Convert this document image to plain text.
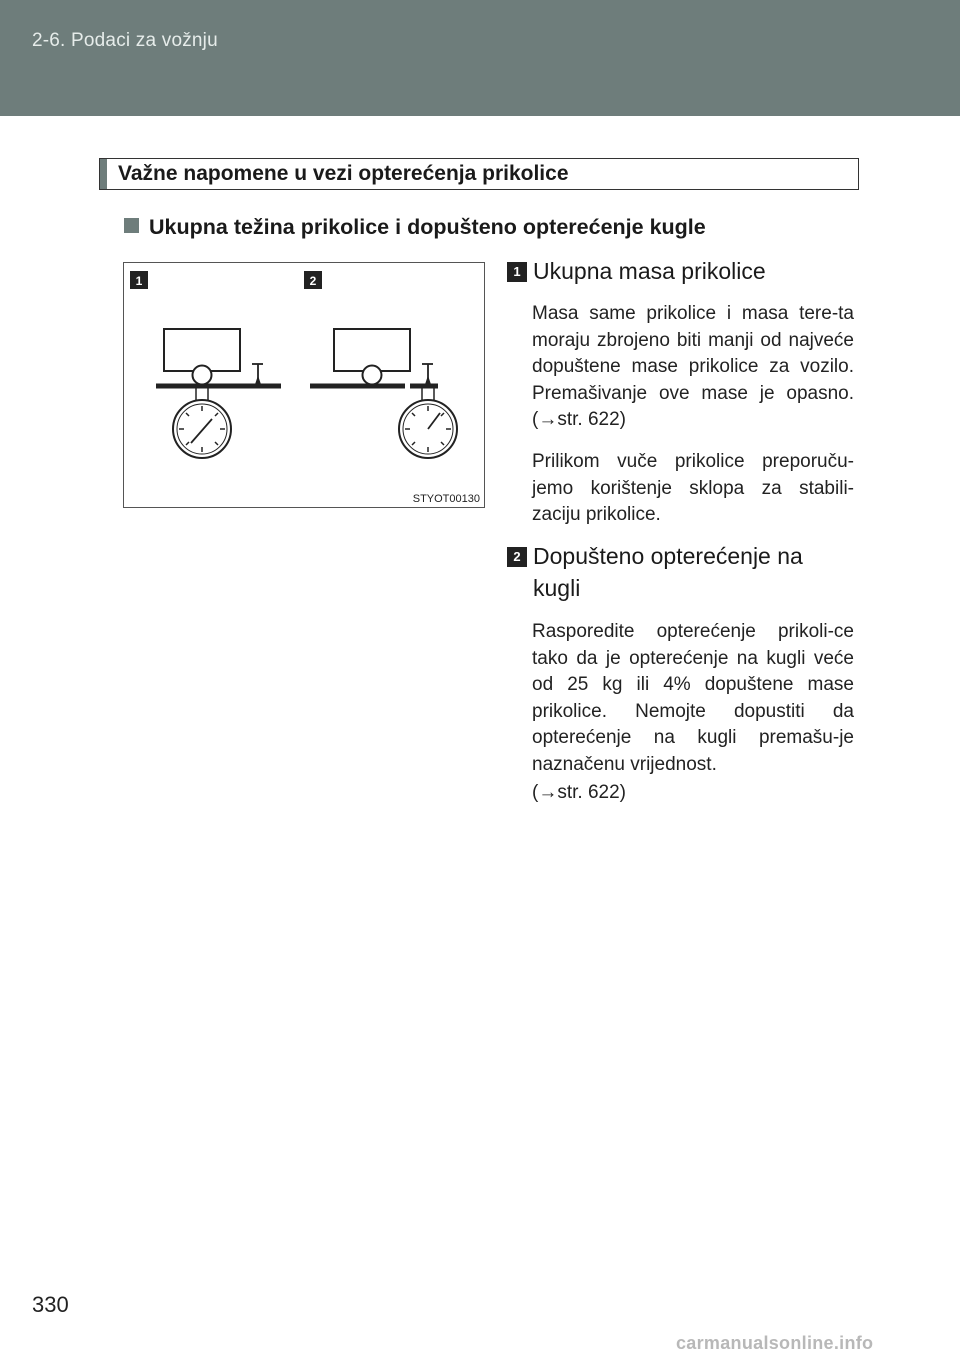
2-6. Podaci za vožnju
Važne napomene u vezi opterećenja prikolice
Ukupna težina prikolice i dopušteno opterećenje kugle
1	2
STYOT00130
1 Ukupna masa prikolice
Masa same prikolice i masa tere-ta moraju zbrojeno biti manji od najveće dopuštene mase prikolice za vozilo. Premašivanje ove mase je opasno. (→str. 622)
Prilikom vuče prikolice preporuču-jemo korištenje sklopa za stabili-zaciju prikolice.
2 Dopušteno opterećenje na
kugli
Rasporedite opterećenje prikoli-ce tako da je opterećenje na kugli veće od 25 kg ili 4% dopuštene mase prikolice. Nemojte dopustiti da opterećenje na kugli premašu-je naznačenu vrijednost.
(→str. 622)
330
carmanualsonline.info
